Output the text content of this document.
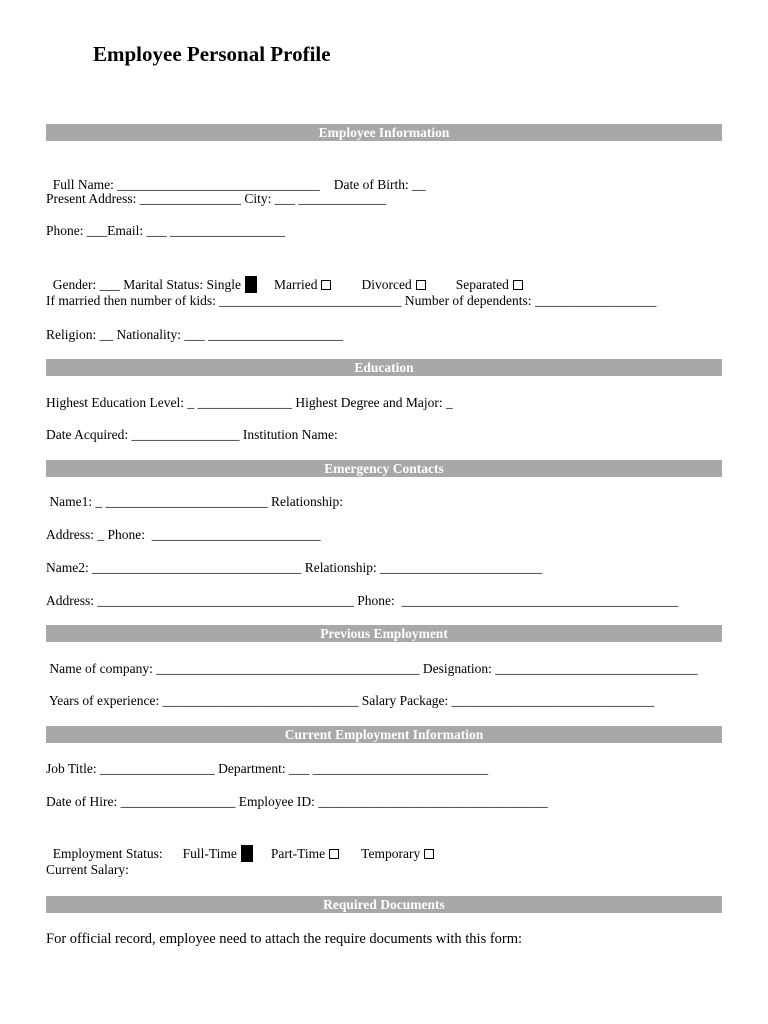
Employee Personal Profile
Employee Information

Full Name: ______________________________ Date of Birth: __

Present Address: _______________ City: ___ _____________
Phone: ___Email: ___ _________________

Gender: ___ Marital Status: Single Married	Divorced	Separated

If married then number of kids: ___________________________ Number of dependents: __________________
Religion: __ Nationality: ___ ____________________
Education
Highest Education Level: _ ______________ Highest Degree and Major: _
Date Acquired: ________________ Institution Name:
Emergency Contacts
Name1: _ ________________________ Relationship:
Address: _ Phone:  _________________________
Name2: _______________________________ Relationship: ________________________
Address: ______________________________________ Phone:  _________________________________________
Previous Employment
Name of company: _______________________________________ Designation: ______________________________
Years of experience: _____________________________ Salary Package: ______________________________
Current Employment Information
Job Title: _________________ Department: ___ __________________________
Date of Hire: _________________ Employee ID: __________________________________

Employment Status: Full-Time	Part-Time	Temporary

Current Salary:
Required Documents
For official record, employee need to attach the require documents with this form:
